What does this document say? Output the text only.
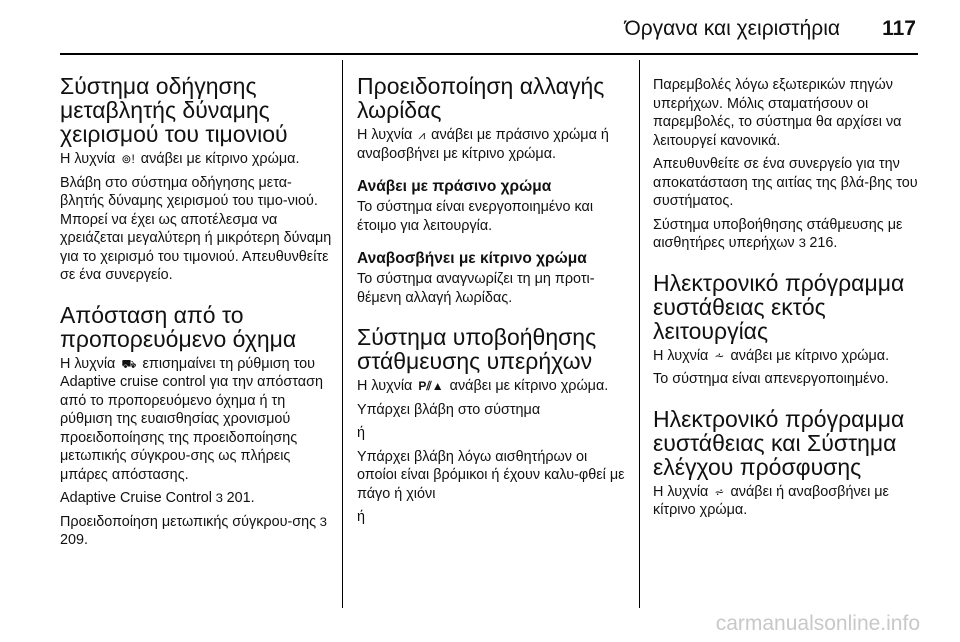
Όργανα και χειριστήρια 117
Σύστημα οδήγησης μεταβλητής δύναμης χειρισμού του τιμονιού

Η λυχνία ⊚! ανάβει με κίτρινο χρώμα.

Βλάβη στο σύστημα οδήγησης μετα-βλητής δύναμης χειρισμού του τιμο-νιού. Μπορεί να έχει ως αποτέλεσμα να χρειάζεται μεγαλύτερη ή μικρότερη δύναμη για το χειρισμό του τιμονιού. Απευθυνθείτε σε ένα συνεργείο.

Απόσταση από το προπορευόμενο όχημα

Η λυχνία ⛟ επισημαίνει τη ρύθμιση του Adaptive cruise control για την απόσταση από το προπορευόμενο όχημα ή τη ρύθμιση της ευαισθησίας χρονισμού προειδοποίησης της προειδοποίησης μετωπικής σύγκρου-σης ως πλήρεις μπάρες απόστασης.

Adaptive Cruise Control 3 201.

Προειδοποίηση μετωπικής σύγκρου-σης 3 209.

Προειδοποίηση αλλαγής λωρίδας

Η λυχνία ⩘ ανάβει με πράσινο χρώμα ή αναβοσβήνει με κίτρινο χρώμα.

Ανάβει με πράσινο χρώμα

Το σύστημα είναι ενεργοποιημένο και έτοιμο για λειτουργία.

Αναβοσβήνει με κίτρινο χρώμα

Το σύστημα αναγνωρίζει τη μη προτι-θέμενη αλλαγή λωρίδας.

Σύστημα υποβοήθησης στάθμευσης υπερήχων

Η λυχνία P⫽▲ ανάβει με κίτρινο χρώμα.

Υπάρχει βλάβη στο σύστημα

ή

Υπάρχει βλάβη λόγω αισθητήρων οι οποίοι είναι βρόμικοι ή έχουν καλυ-φθεί με πάγο ή χιόνι

ή

Παρεμβολές λόγω εξωτερικών πηγών υπερήχων. Μόλις σταματήσουν οι παρεμβολές, το σύστημα θα αρχίσει να λειτουργεί κανονικά.

Απευθυνθείτε σε ένα συνεργείο για την αποκατάσταση της αιτίας της βλά-βης του συστήματος.

Σύστημα υποβοήθησης στάθμευσης με αισθητήρες υπερήχων 3 216.

Ηλεκτρονικό πρόγραμμα ευστάθειας εκτός λειτουργίας

Η λυχνία ⩪ ανάβει με κίτρινο χρώμα.

Το σύστημα είναι απενεργοποιημένο.

Ηλεκτρονικό πρόγραμμα ευστάθειας και Σύστημα ελέγχου πρόσφυσης

Η λυχνία ⩫ ανάβει ή αναβοσβήνει με κίτρινο χρώμα.

carmanualsonline.info
